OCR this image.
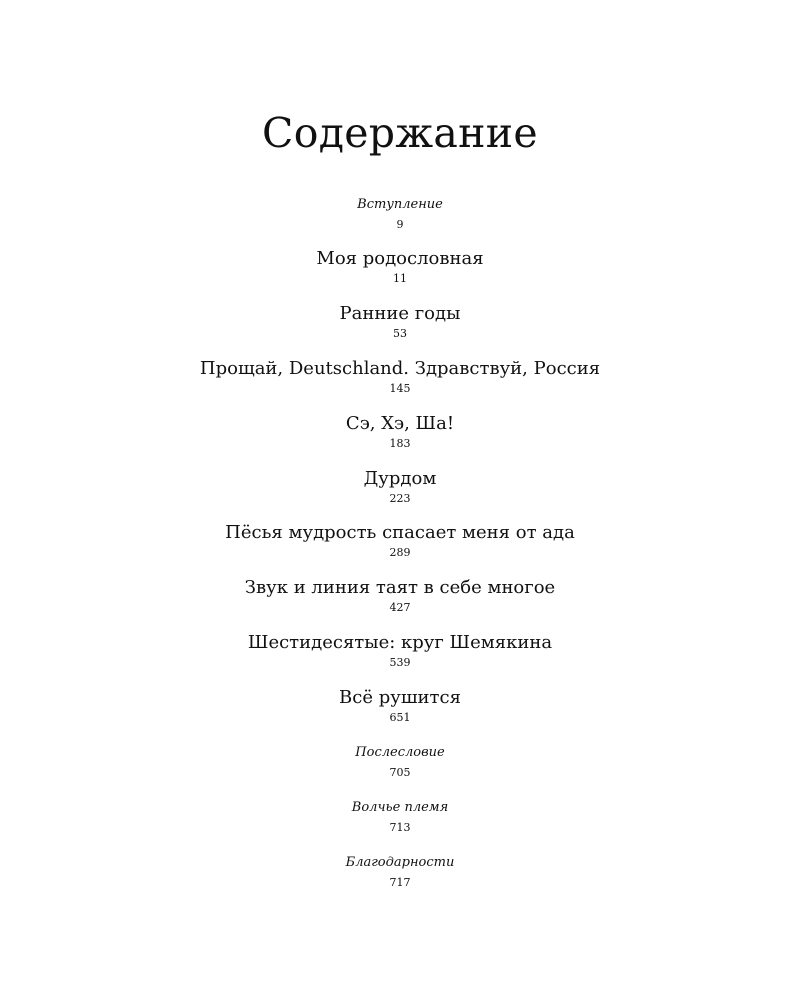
Содержание
Вступление
9
Моя родословная
11
Ранние годы
53
Прощай, Deutschland. Здравствуй, Россия
145
Сэ, Хэ, Ша!
183
Дурдом
223
Пёсья мудрость спасает меня от ада
289
Звук и линия таят в себе многое
427
Шестидесятые: круг Шемякина
539
Всё рушится
651
Послесловие
705
Волчье племя
713
Благодарности
717
